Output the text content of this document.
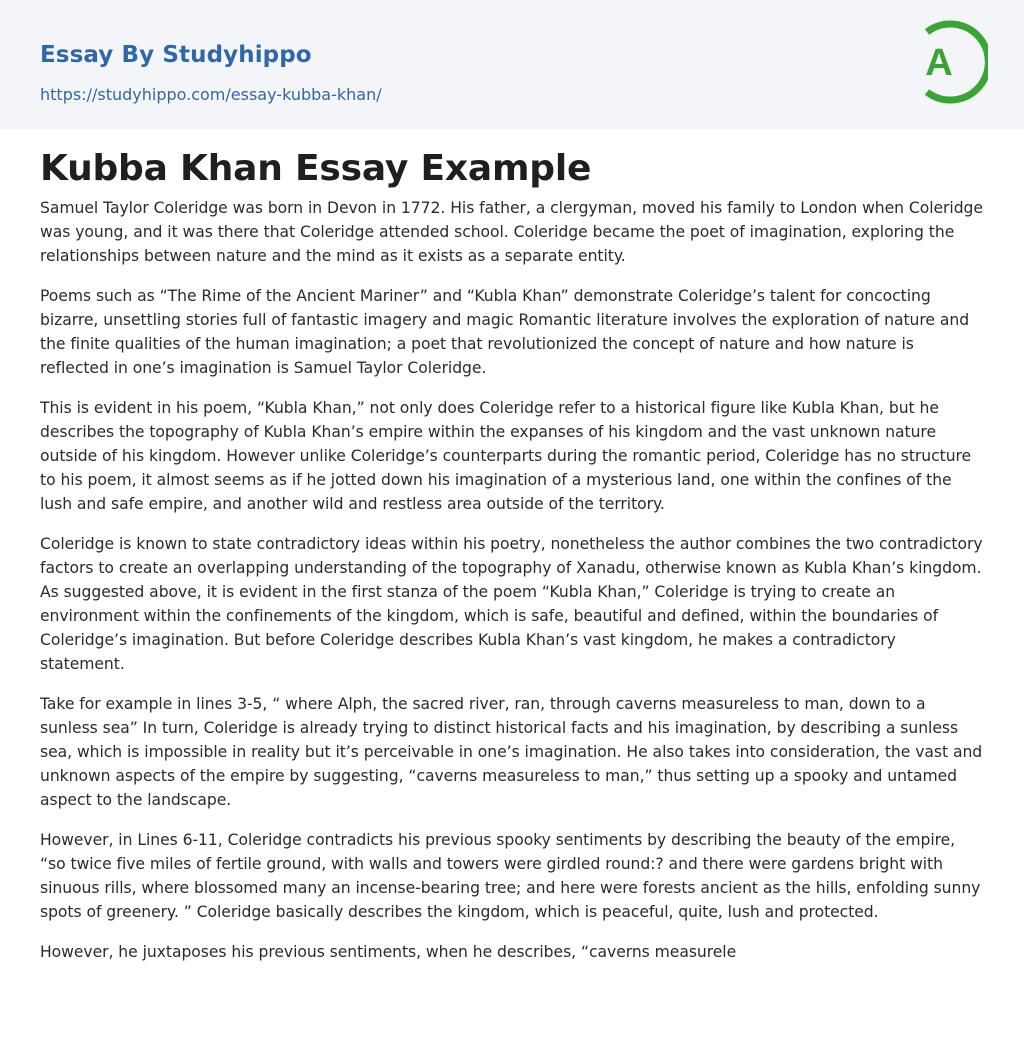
Essay By Studyhippo
https://studyhippo.com/essay-kubba-khan/
A
Kubba Khan Essay Example

Samuel Taylor Coleridge was born in Devon in 1772. His father, a clergyman, moved his family to London when Coleridge was young, and it was there that Coleridge attended school. Coleridge became the poet of imagination, exploring the relationships between nature and the mind as it exists as a separate entity.

Poems such as “The Rime of the Ancient Mariner” and “Kubla Khan” demonstrate Coleridge’s talent for concocting bizarre, unsettling stories full of fantastic imagery and magic Romantic literature involves the exploration of nature and the finite qualities of the human imagination; a poet that revolutionized the concept of nature and how nature is reflected in one’s imagination is Samuel Taylor Coleridge.

This is evident in his poem, “Kubla Khan,” not only does Coleridge refer to a historical figure like Kubla Khan, but he describes the topography of Kubla Khan’s empire within the expanses of his kingdom and the vast unknown nature outside of his kingdom. However unlike Coleridge’s counterparts during the romantic period, Coleridge has no structure to his poem, it almost seems as if he jotted down his imagination of a mysterious land, one within the confines of the lush and safe empire, and another wild and restless area outside of the territory.

Coleridge is known to state contradictory ideas within his poetry, nonetheless the author combines the two contradictory factors to create an overlapping understanding of the topography of Xanadu, otherwise known as Kubla Khan’s kingdom. As suggested above, it is evident in the first stanza of the poem “Kubla Khan,” Coleridge is trying to create an environment within the confinements of the kingdom, which is safe, beautiful and defined, within the boundaries of Coleridge’s imagination. But before Coleridge describes Kubla Khan’s vast kingdom, he makes a contradictory statement.

Take for example in lines 3-5, “ where Alph, the sacred river, ran, through caverns measureless to man, down to a sunless sea” In turn, Coleridge is already trying to distinct historical facts and his imagination, by describing a sunless sea, which is impossible in reality but it’s perceivable in one’s imagination. He also takes into consideration, the vast and unknown aspects of the empire by suggesting, “caverns measureless to man,” thus setting up a spooky and untamed aspect to the landscape.

However, in Lines 6-11, Coleridge contradicts his previous spooky sentiments by describing the beauty of the empire, “so twice five miles of fertile ground, with walls and towers were girdled round:? and there were gardens bright with sinuous rills, where blossomed many an incense-bearing tree; and here were forests ancient as the hills, enfolding sunny spots of greenery. ” Coleridge basically describes the kingdom, which is peaceful, quite, lush and protected.

However, he juxtaposes his previous sentiments, when he describes, “caverns measurele
